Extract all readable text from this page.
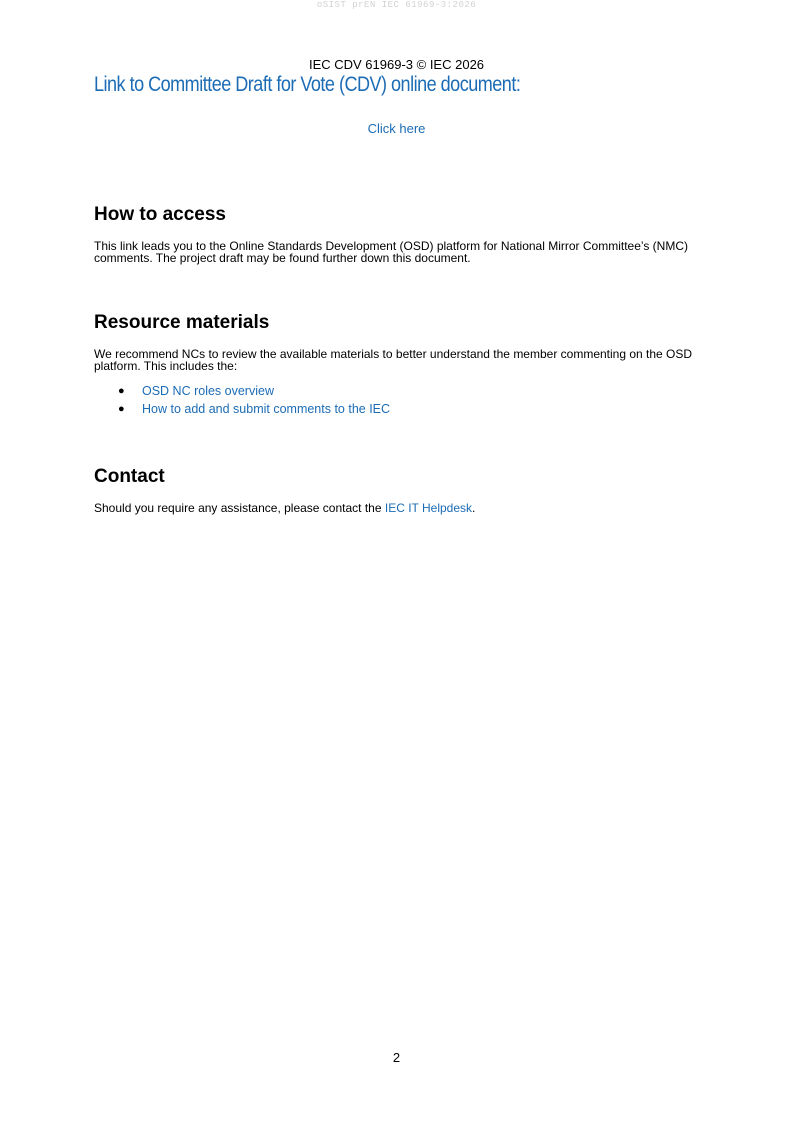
oSIST prEN IEC 61969-3:2026
IEC CDV 61969-3 © IEC 2026
Link to Committee Draft for Vote (CDV) online document:
Click here
How to access

This link leads you to the Online Standards Development (OSD) platform for National Mirror Committee’s (NMC) comments. The project draft may be found further down this document.

Resource materials

We recommend NCs to review the available materials to better understand the member commenting on the OSD platform. This includes the:

● OSD NC roles overview
● How to add and submit comments to the IEC
Contact

Should you require any assistance, please contact the IEC IT Helpdesk.

2
